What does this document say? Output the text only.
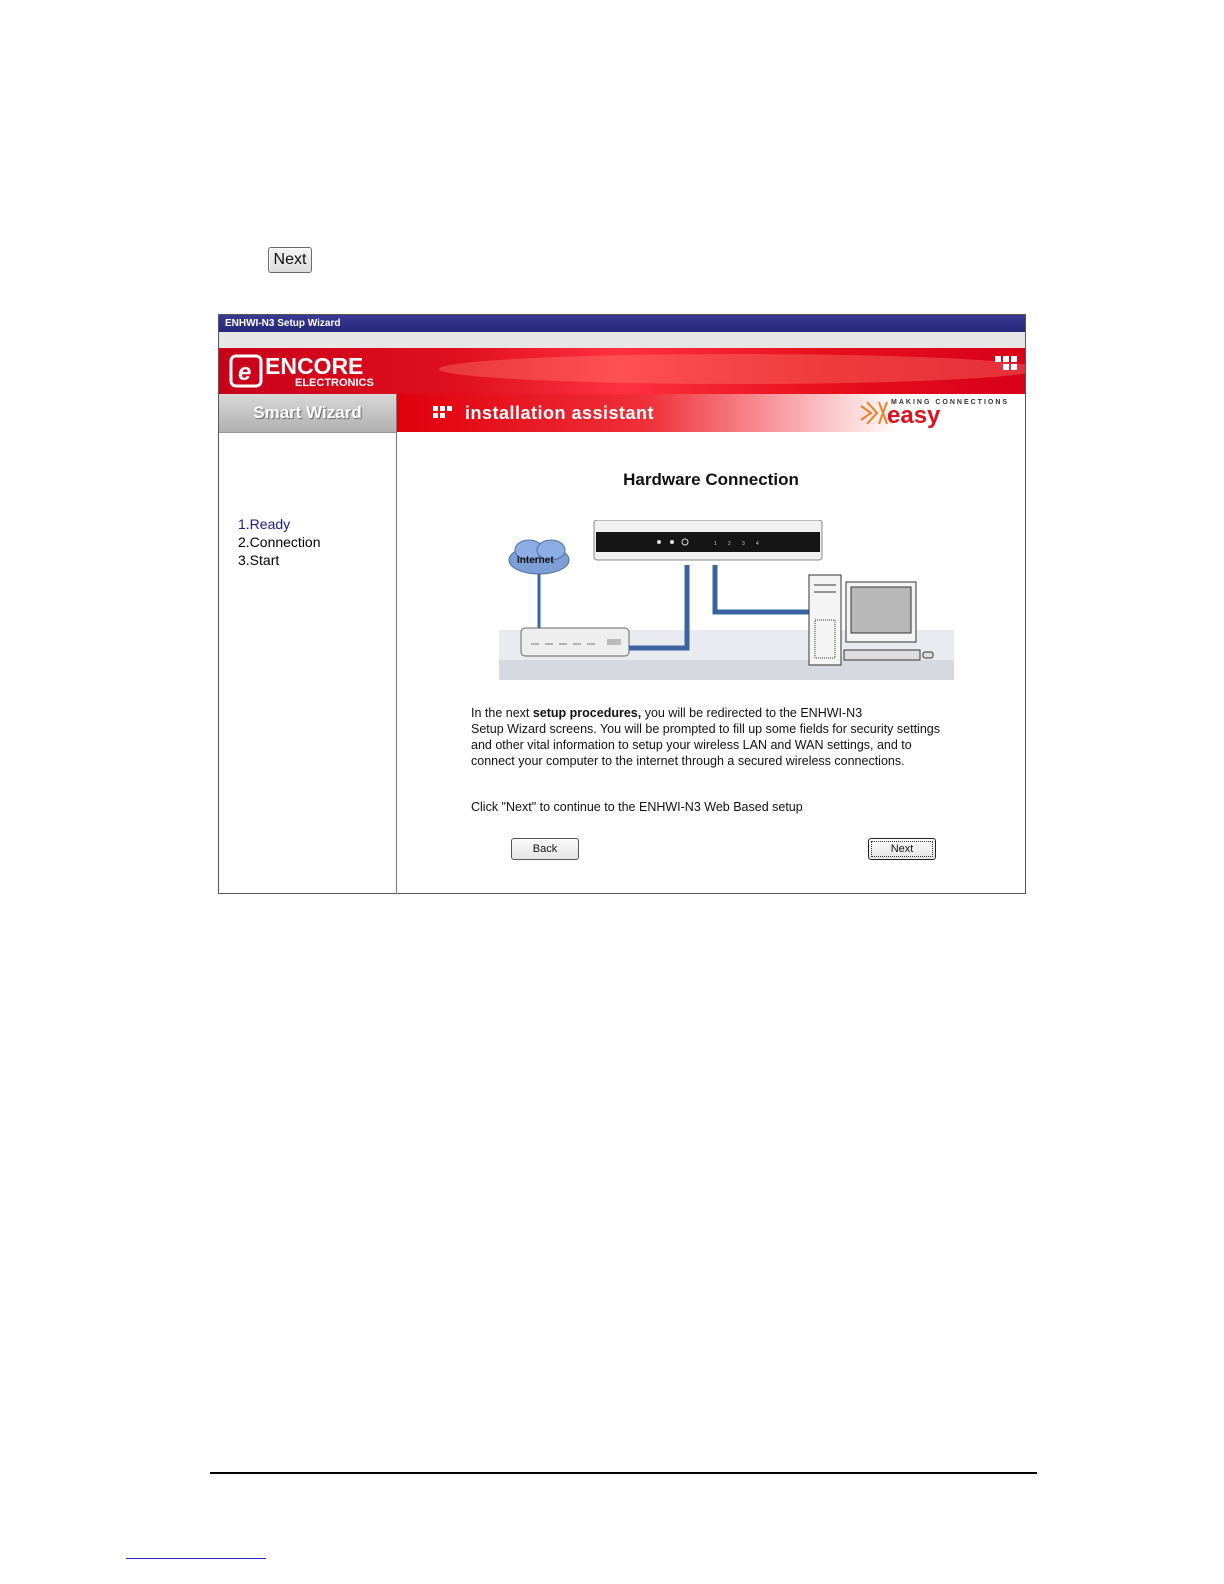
Next
ENHWI-N3 Setup Wizard
e ENCORE
ELECTRONICS
Smart Wizard	installation assistant
MAKING CONNECTIONS
easy
1.Ready
2.Connection
3.Start
Hardware Connection
1 2 3 4
Internet
In the next setup procedures, you will be redirected to the ENHWI-N3
Setup Wizard screens. You will be prompted to fill up some fields for security settings
and other vital information to setup your wireless LAN and WAN settings, and to
connect your computer to the internet through a secured wireless connections.
Click "Next" to continue to the ENHWI-N3 Web Based setup
Back	Next
